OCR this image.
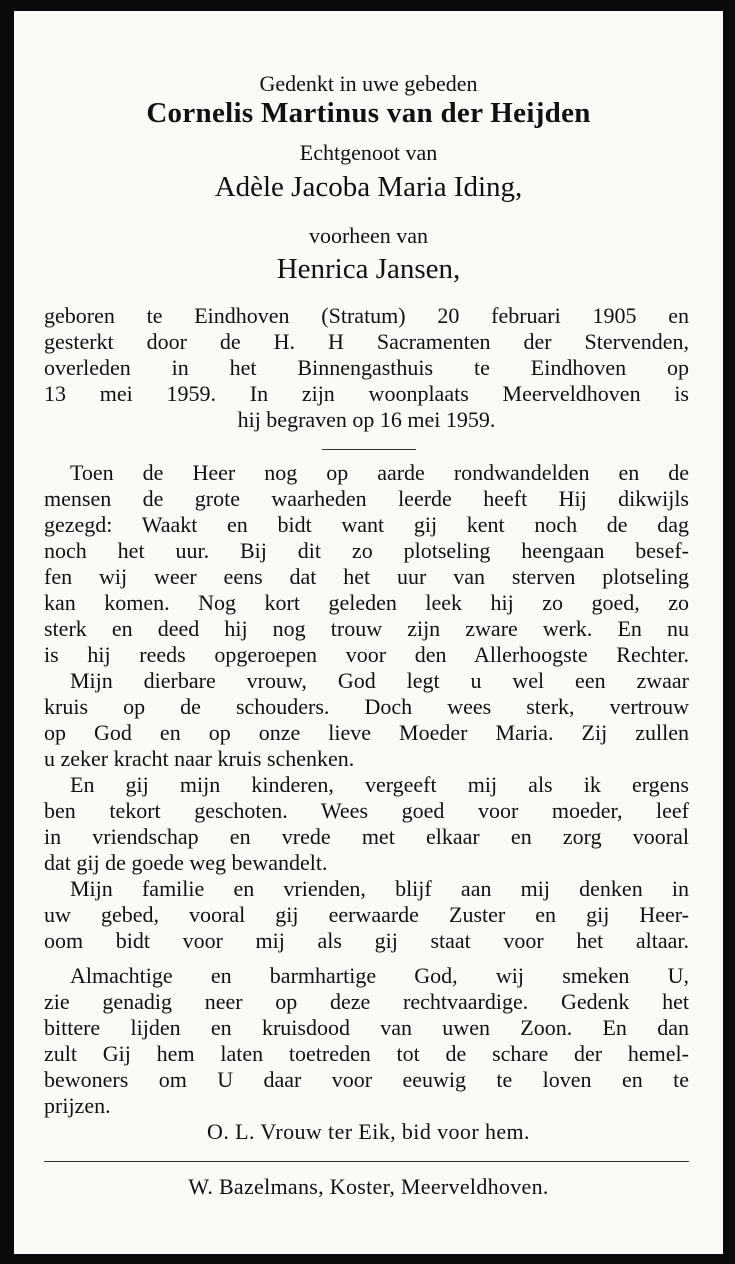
Gedenkt in uwe gebeden
Cornelis Martinus van der Heijden
Echtgenoot van
Adèle Jacoba Maria Iding,
voorheen van
Henrica Jansen,
geboren te Eindhoven (Stratum) 20 februari 1905 en
gesterkt door de H. H Sacramenten der Stervenden,
overleden in het Binnengasthuis te Eindhoven op
13 mei 1959. In zijn woonplaats Meerveldhoven is
hij begraven op 16 mei 1959.
Toen de Heer nog op aarde rondwandelden en de
mensen de grote waarheden leerde heeft Hij dikwijls
gezegd: Waakt en bidt want gij kent noch de dag
noch het uur. Bij dit zo plotseling heengaan besef-
fen wij weer eens dat het uur van sterven plotseling
kan komen. Nog kort geleden leek hij zo goed, zo
sterk en deed hij nog trouw zijn zware werk. En nu
is hij reeds opgeroepen voor den Allerhoogste Rechter.
Mijn dierbare vrouw, God legt u wel een zwaar
kruis op de schouders. Doch wees sterk, vertrouw
op God en op onze lieve Moeder Maria. Zij zullen
u zeker kracht naar kruis schenken.
En gij mijn kinderen, vergeeft mij als ik ergens
ben tekort geschoten. Wees goed voor moeder, leef
in vriendschap en vrede met elkaar en zorg vooral
dat gij de goede weg bewandelt.
Mijn familie en vrienden, blijf aan mij denken in
uw gebed, vooral gij eerwaarde Zuster en gij Heer-
oom bidt voor mij als gij staat voor het altaar.
Almachtige en barmhartige God, wij smeken U,
zie genadig neer op deze rechtvaardige. Gedenk het
bittere lijden en kruisdood van uwen Zoon. En dan
zult Gij hem laten toetreden tot de schare der hemel-
bewoners om U daar voor eeuwig te loven en te
prijzen.
O. L. Vrouw ter Eik, bid voor hem.
W. Bazelmans, Koster, Meerveldhoven.
